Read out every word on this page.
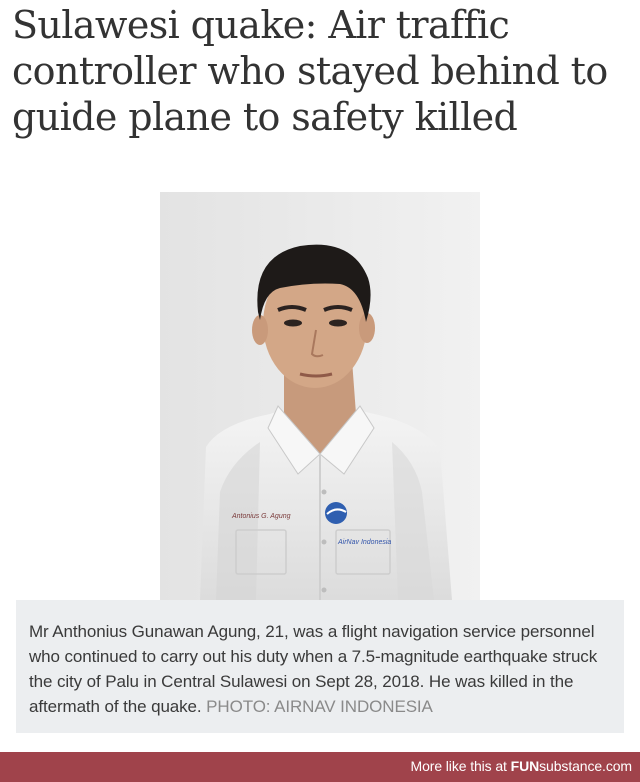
Sulawesi quake: Air traffic controller who stayed behind to guide plane to safety killed
AirNav Indonesia
Antonius G. Agung

Mr Anthonius Gunawan Agung, 21, was a flight navigation service personnel who continued to carry out his duty when a 7.5-magnitude earthquake struck the city of Palu in Central Sulawesi on Sept 28, 2018. He was killed in the aftermath of the quake. PHOTO: AIRNAV INDONESIA

More like this at FUNsubstance.com
